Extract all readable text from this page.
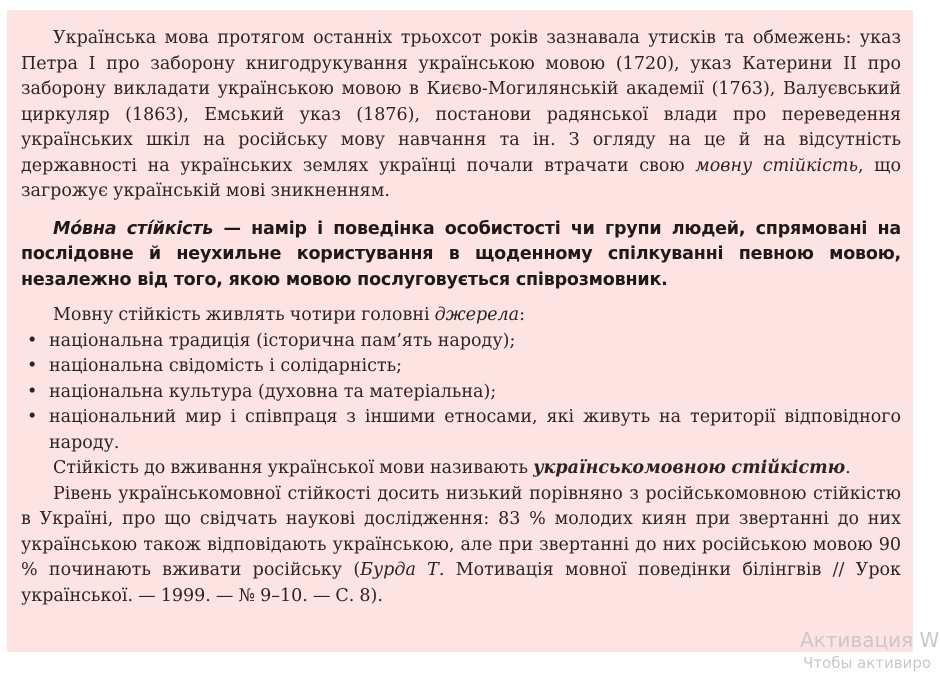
Українська мова протягом останніх трьохсот років зазнавала утисків та обмежень: указ Петра I про заборону книгодрукування українською мовою (1720), указ Катерини II про заборону викладати українською мовою в Києво-Могилянській академії (1763), Валуєвський циркуляр (1863), Емський указ (1876), постанови радянської влади про переведення українських шкіл на російську мову навчання та ін. З огляду на це й на відсутність державності на українських землях українці почали втрачати свою мовну стійкість, що загрожує українській мові зникненням.

Мо́вна сті́йкість — намір і поведінка особистості чи групи людей, спрямовані на послідовне й неухильне користування в щоденному спілкуванні певною мовою, незалежно від того, якою мовою послуговується співрозмовник.

Мовну стійкість живлять чотири головні джерела:

• національна традиція (історична пам’ять народу);
• національна свідомість і солідарність;
• національна культура (духовна та матеріальна);
• національний мир і співпраця з іншими етносами, які живуть на території відповідного народу.

Стійкість до вживання української мови називають українськомовною стійкістю.

Рівень українськомовної стійкості досить низький порівняно з російськомовною стійкістю в Україні, про що свідчать наукові дослідження: 83 % молодих киян при звертанні до них українською також відповідають українською, але при звертанні до них російською мовою 90 % починають вживати російську (Бурда Т. Мотивація мовної поведінки білінгвів // Урок української. — 1999. — № 9–10. — С. 8).

Активация W
Чтобы активиро
